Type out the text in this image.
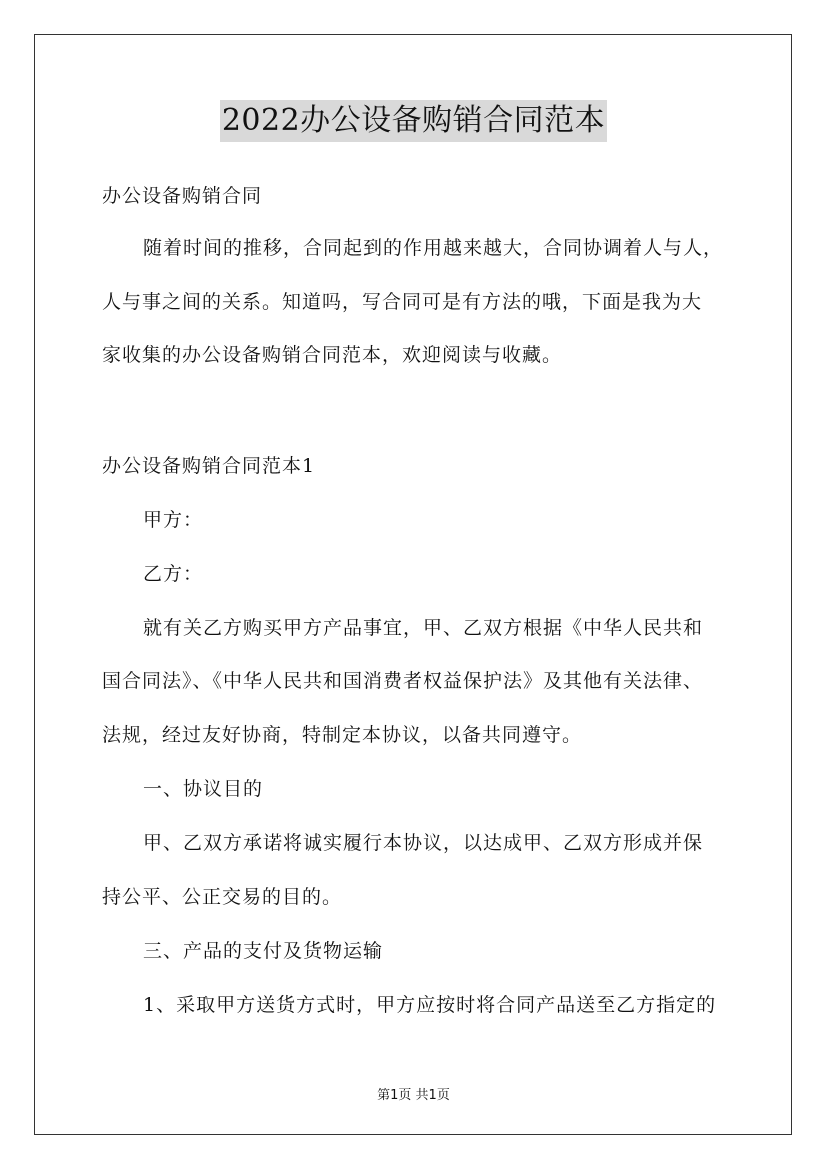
2022办公设备购销合同范本
办公设备购销合同
随着时间的推移，合同起到的作用越来越大，合同协调着人与人，
人与事之间的关系。知道吗，写合同可是有方法的哦，下面是我为大
家收集的办公设备购销合同范本，欢迎阅读与收藏。
办公设备购销合同范本1
甲方：
乙方：
就有关乙方购买甲方产品事宜，甲、乙双方根据《中华人民共和
国合同法》、《中华人民共和国消费者权益保护法》及其他有关法律、
法规，经过友好协商，特制定本协议，以备共同遵守。
一、协议目的
甲、乙双方承诺将诚实履行本协议，以达成甲、乙双方形成并保
持公平、公正交易的目的。
三、产品的支付及货物运输
1、采取甲方送货方式时，甲方应按时将合同产品送至乙方指定的
第1页 共1页
